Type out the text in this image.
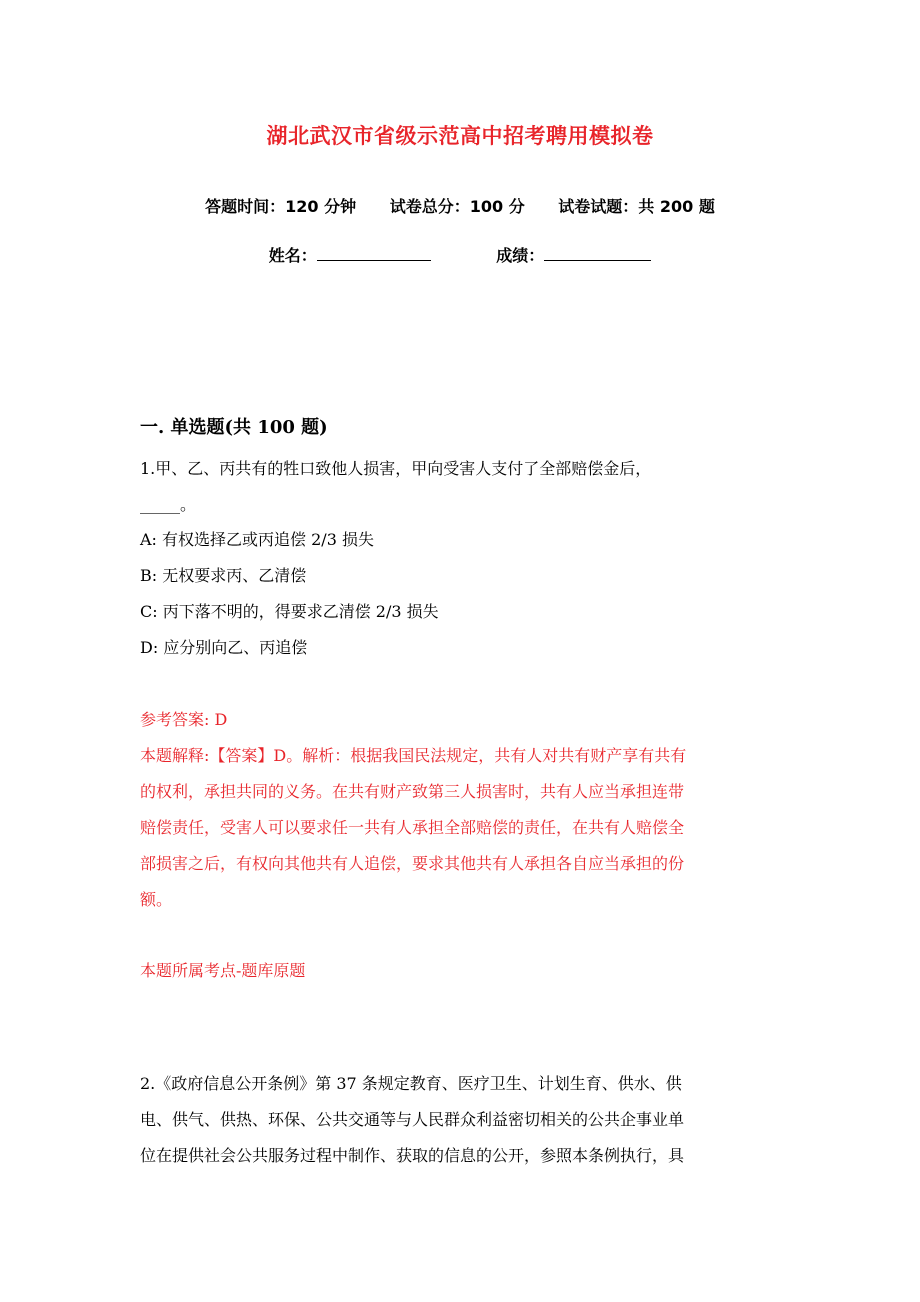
湖北武汉市省级示范高中招考聘用模拟卷
答题时间：120 分钟 试卷总分：100 分 试卷试题：共 200 题
姓名：	成绩：
一. 单选题(共 100 题)
1.甲、乙、丙共有的牲口致他人损害，甲向受害人支付了全部赔偿金后，
_____。
A: 有权选择乙或丙追偿 2/3 损失
B: 无权要求丙、乙清偿
C: 丙下落不明的，得要求乙清偿 2/3 损失
D: 应分别向乙、丙追偿
参考答案: D
本题解释:【答案】D。解析：根据我国民法规定，共有人对共有财产享有共有
的权利，承担共同的义务。在共有财产致第三人损害时，共有人应当承担连带
赔偿责任，受害人可以要求任一共有人承担全部赔偿的责任，在共有人赔偿全
部损害之后，有权向其他共有人追偿，要求其他共有人承担各自应当承担的份
额。
本题所属考点-题库原题
2.《政府信息公开条例》第 37 条规定教育、医疗卫生、计划生育、供水、供
电、供气、供热、环保、公共交通等与人民群众利益密切相关的公共企事业单
位在提供社会公共服务过程中制作、获取的信息的公开，参照本条例执行，具
